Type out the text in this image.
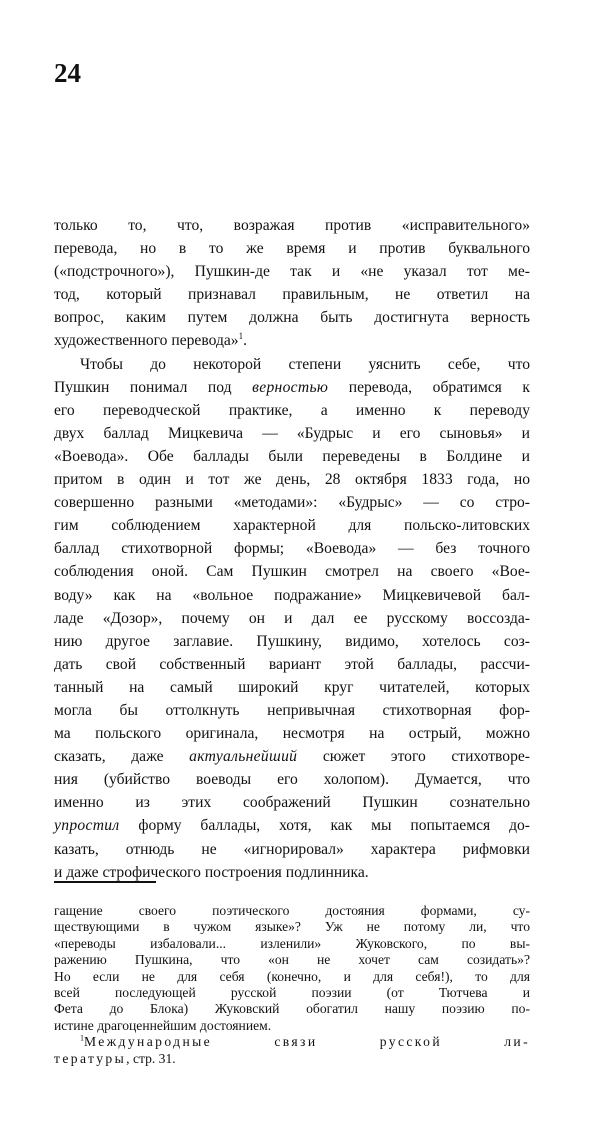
24

только то, что, возражая против «исправительного»
перевода, но в то же время и против буквального
(«подстрочного»), Пушкин-де так и «не указал тот ме-
тод, который признавал правильным, не ответил на
вопрос, каким путем должна быть достигнута верность
художественного перевода»$^1$.

Чтобы до некоторой степени уяснить себе, что
Пушкин понимал под верностью перевода, обратимся к
его переводческой практике, а именно к переводу
двух баллад Мицкевича — «Будрыс и его сыновья» и
«Воевода». Обе баллады были переведены в Болдине и
притом в один и тот же день, 28 октября 1833 года, но
совершенно разными «методами»: «Будрыс» — со стро-
гим соблюдением характерной для польско-литовских
баллад стихотворной формы; «Воевода» — без точного
соблюдения оной. Сам Пушкин смотрел на своего «Вое-
воду» как на «вольное подражание» Мицкевичевой бал-
ладе «Дозор», почему он и дал ее русскому воссозда-
нию другое заглавие. Пушкину, видимо, хотелось соз-
дать свой собственный вариант этой баллады, рассчи-
танный на самый широкий круг читателей, которых
могла бы оттолкнуть непривычная стихотворная фор-
ма польского оригинала, несмотря на острый, можно
сказать, даже актуальнейший сюжет этого стихотворе-
ния (убийство воеводы его холопом). Думается, что
именно из этих соображений Пушкин сознательно
упростил форму баллады, хотя, как мы попытаемся до-
казать, отнюдь не «игнорировал» характера рифмовки
и даже строфического построения подлинника.

гащение своего поэтического достояния формами, су-
ществующими в чужом языке»? Уж не потому ли, что
«переводы избаловали... изленили» Жуковского, по вы-
ражению Пушкина, что «он не хочет сам созидать»?
Но если не для себя (конечно, и для себя!), то для
всей последующей русской поэзии (от Тютчева и
Фета до Блока) Жуковский обогатил нашу поэзию по-
истине драгоценнейшим достоянием.
$^1$Международные связи русской ли-
тературы, стр. 31.
